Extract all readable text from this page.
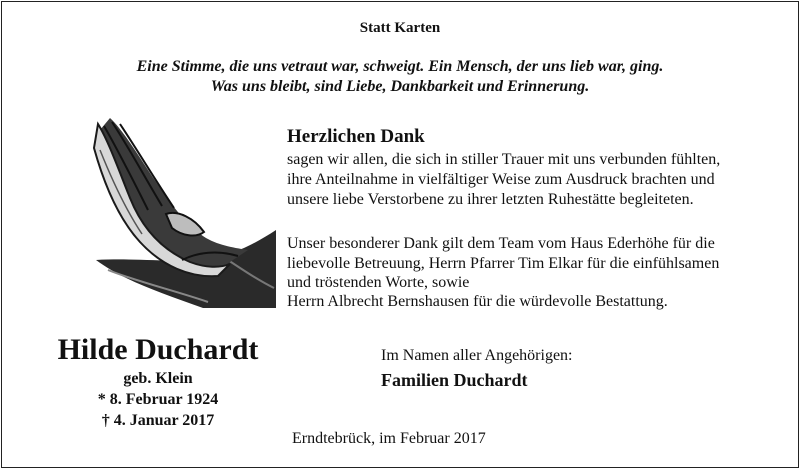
Statt Karten
Eine Stimme, die uns vetraut war, schweigt. Ein Mensch, der uns lieb war, ging.
Was uns bleibt, sind Liebe, Dankbarkeit und Erinnerung.
Herzlichen Dank
sagen wir allen, die sich in stiller Trauer mit uns verbunden fühlten,
ihre Anteilnahme in vielfältiger Weise zum Ausdruck brachten und
unsere liebe Verstorbene zu ihrer letzten Ruhestätte begleiteten.
Unser besonderer Dank gilt dem Team vom Haus Ederhöhe für die
liebevolle Betreuung, Herrn Pfarrer Tim Elkar für die einfühlsamen
und tröstenden Worte, sowie
Herrn Albrecht Bernshausen für die würdevolle Bestattung.
Hilde Duchardt
geb. Klein
* 8. Februar 1924
† 4. Januar 2017
Im Namen aller Angehörigen:
Familien Duchardt
Erndtebrück, im Februar 2017
